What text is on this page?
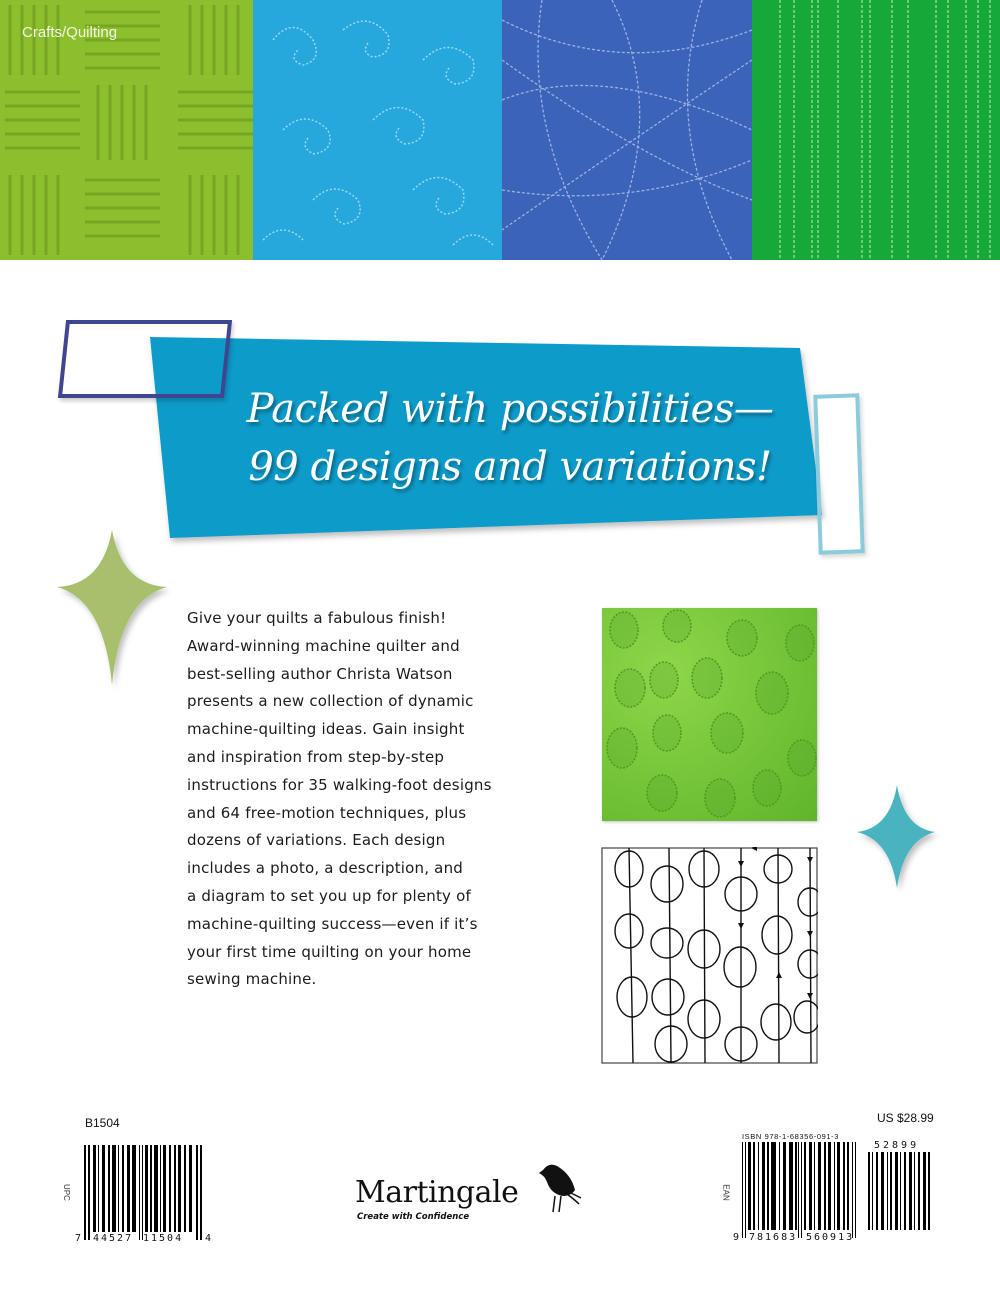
Crafts/Quilting
Packed with possibilities—
99 designs and variations!
Give your quilts a fabulous finish!
Award-winning machine quilter and
best-selling author Christa Watson
presents a new collection of dynamic
machine-quilting ideas. Gain insight
and inspiration from step-by-step
instructions for 35 walking-foot designs
and 64 free-motion techniques, plus
dozens of variations. Each design
includes a photo, a description, and
a diagram to set you up for plenty of
machine-quilting success—even if it’s
your first time quilting on your home
sewing machine.
B1504
UPC
7 44527 11504 4
Martingale
Create with Confidence
US $28.99
ISBN 978-1-68356-091-3
EAN
52899
9 781683 560913
